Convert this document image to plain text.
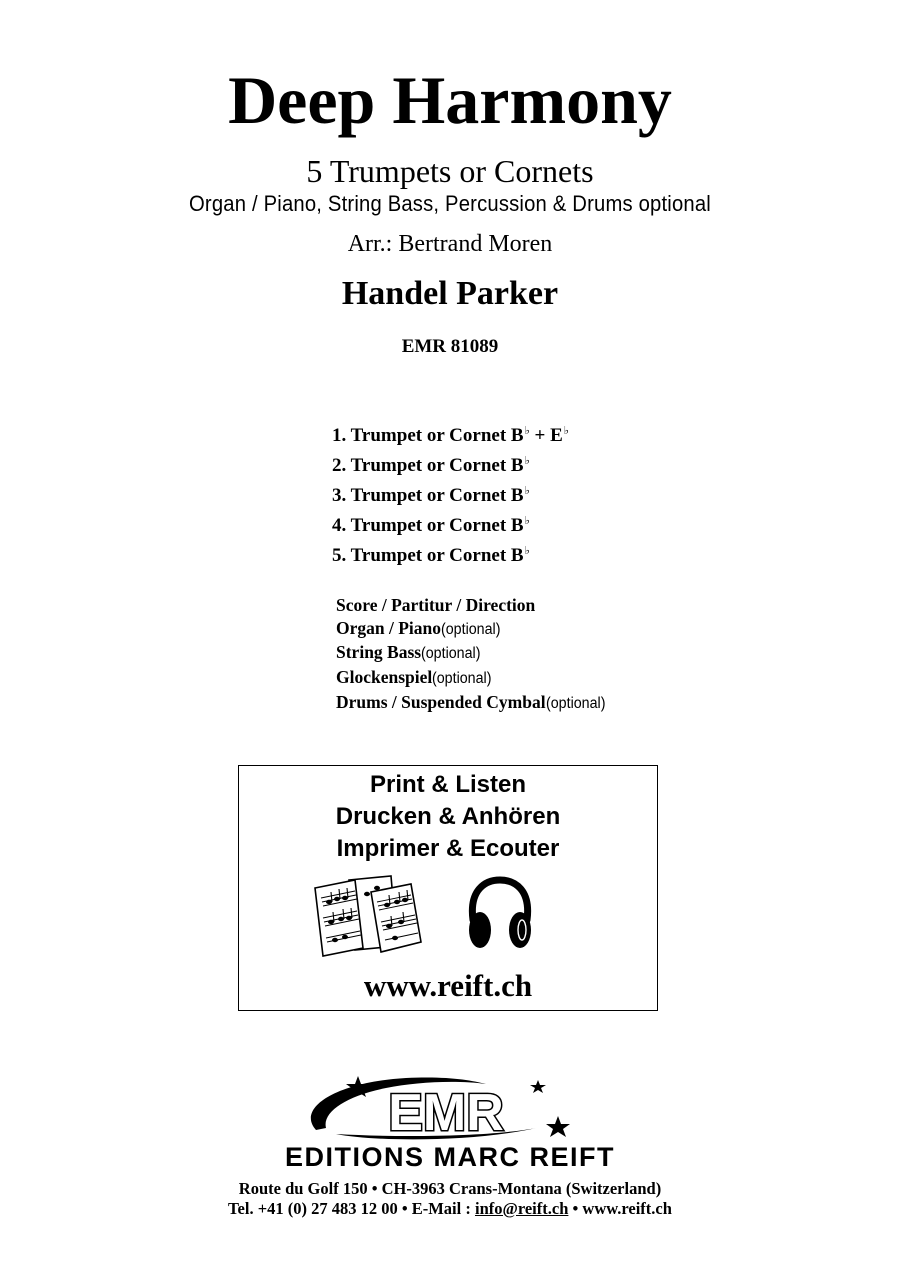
Deep Harmony
5 Trumpets or Cornets
Organ / Piano, String Bass, Percussion & Drums optional
Arr.: Bertrand Moren
Handel Parker
EMR 81089
1. Trumpet or Cornet B♭ + E♭
2. Trumpet or Cornet B♭
3. Trumpet or Cornet B♭
4. Trumpet or Cornet B♭
5. Trumpet or Cornet B♭
Score / Partitur / Direction
Organ / Piano(optional)
String Bass(optional)
Glockenspiel(optional)
Drums / Suspended Cymbal(optional)
Print & Listen
Drucken & Anhören
Imprimer & Ecouter
www.reift.ch
EMR
EDITIONS MARC REIFT
Route du Golf 150 • CH-3963 Crans-Montana (Switzerland)
Tel. +41 (0) 27 483 12 00 • E-Mail : info@reift.ch • www.reift.ch
